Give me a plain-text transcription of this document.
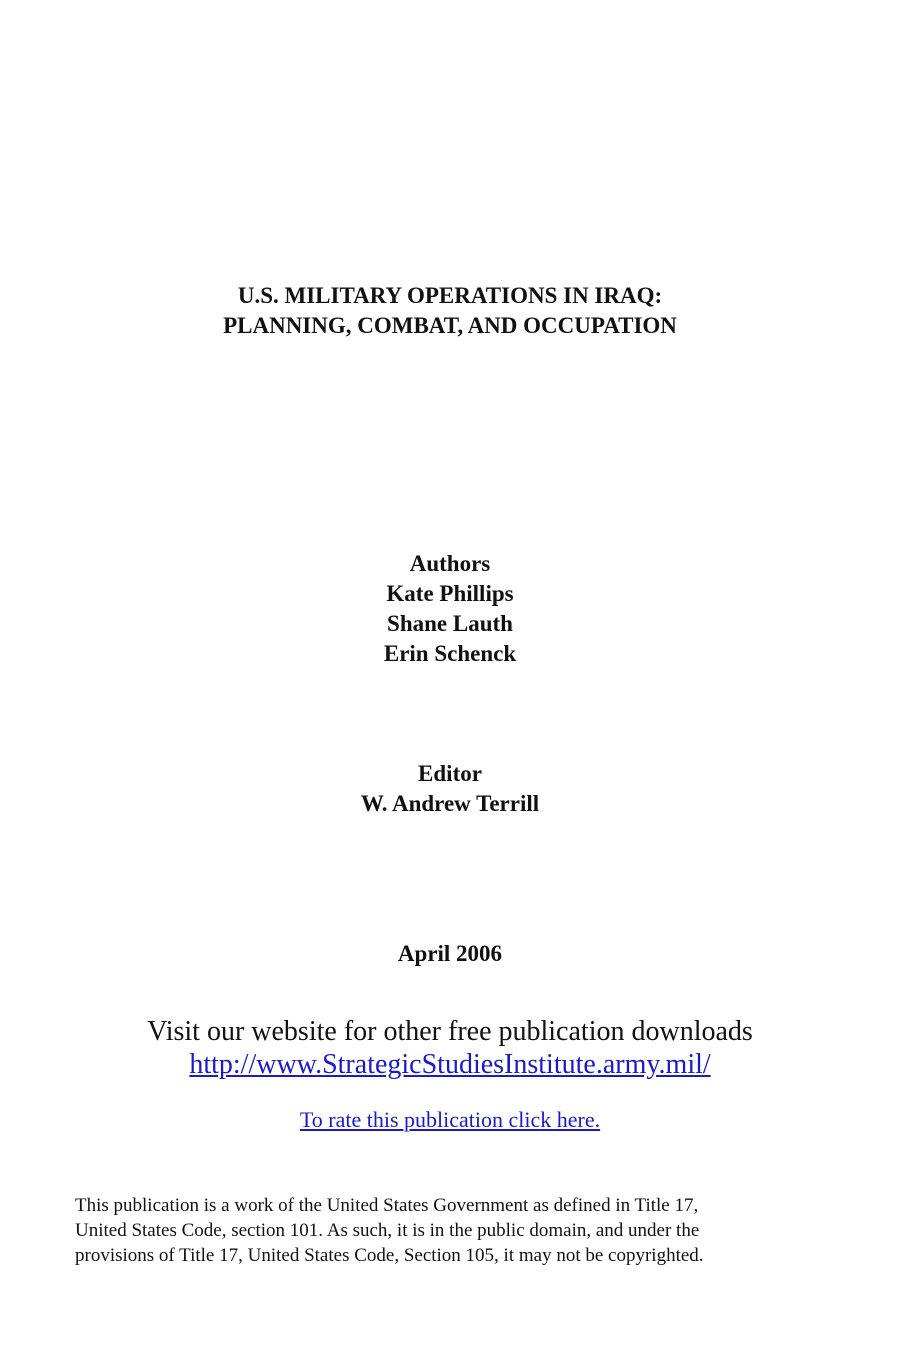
U.S. MILITARY OPERATIONS IN IRAQ:
PLANNING, COMBAT, AND OCCUPATION
Authors
Kate Phillips
Shane Lauth
Erin Schenck
Editor
W. Andrew Terrill
April 2006
Visit our website for other free publication downloads
http://www.StrategicStudiesInstitute.army.mil/
To rate this publication click here.
This publication is a work of the United States Government as defined in Title 17,
United States Code, section 101. As such, it is in the public domain, and under the
provisions of Title 17, United States Code, Section 105, it may not be copyrighted.
